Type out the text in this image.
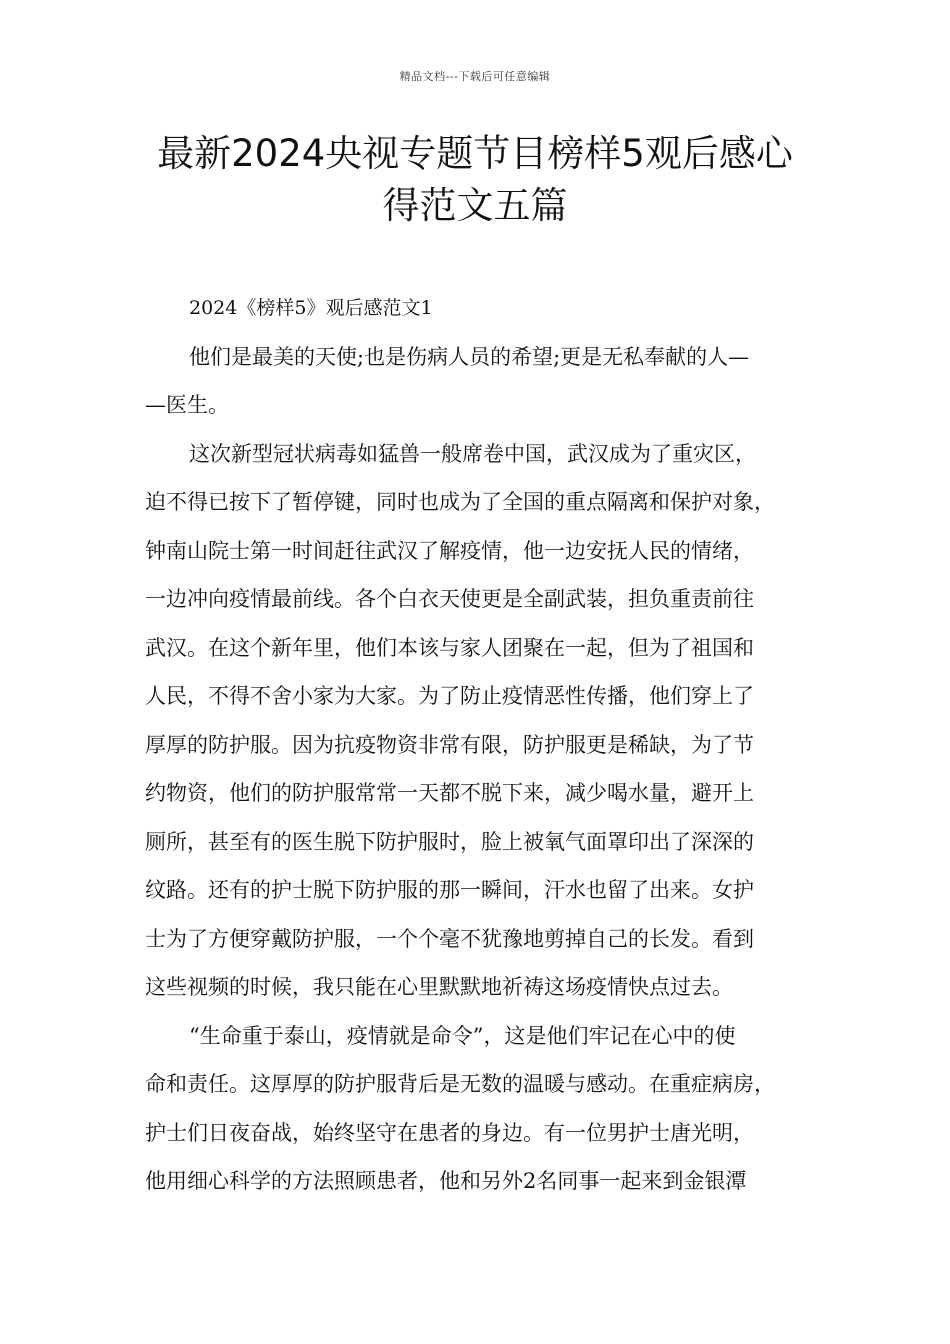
精品文档---下载后可任意编辑
最新2024央视专题节目榜样5观后感心
得范文五篇
2024《榜样5》观后感范文1
他们是最美的天使;也是伤病人员的希望;更是无私奉献的人—
—医生。
这次新型冠状病毒如猛兽一般席卷中国，武汉成为了重灾区，
迫不得已按下了暂停键，同时也成为了全国的重点隔离和保护对象，
钟南山院士第一时间赶往武汉了解疫情，他一边安抚人民的情绪，
一边冲向疫情最前线。各个白衣天使更是全副武装，担负重责前往
武汉。在这个新年里，他们本该与家人团聚在一起，但为了祖国和
人民，不得不舍小家为大家。为了防止疫情恶性传播，他们穿上了
厚厚的防护服。因为抗疫物资非常有限，防护服更是稀缺，为了节
约物资，他们的防护服常常一天都不脱下来，减少喝水量，避开上
厕所，甚至有的医生脱下防护服时，脸上被氧气面罩印出了深深的
纹路。还有的护士脱下防护服的那一瞬间，汗水也留了出来。女护
士为了方便穿戴防护服，一个个毫不犹豫地剪掉自己的长发。看到
这些视频的时候，我只能在心里默默地祈祷这场疫情快点过去。
“生命重于泰山，疫情就是命令”，这是他们牢记在心中的使
命和责任。这厚厚的防护服背后是无数的温暖与感动。在重症病房，
护士们日夜奋战，始终坚守在患者的身边。有一位男护士唐光明，
他用细心科学的方法照顾患者，他和另外2名同事一起来到金银潭
